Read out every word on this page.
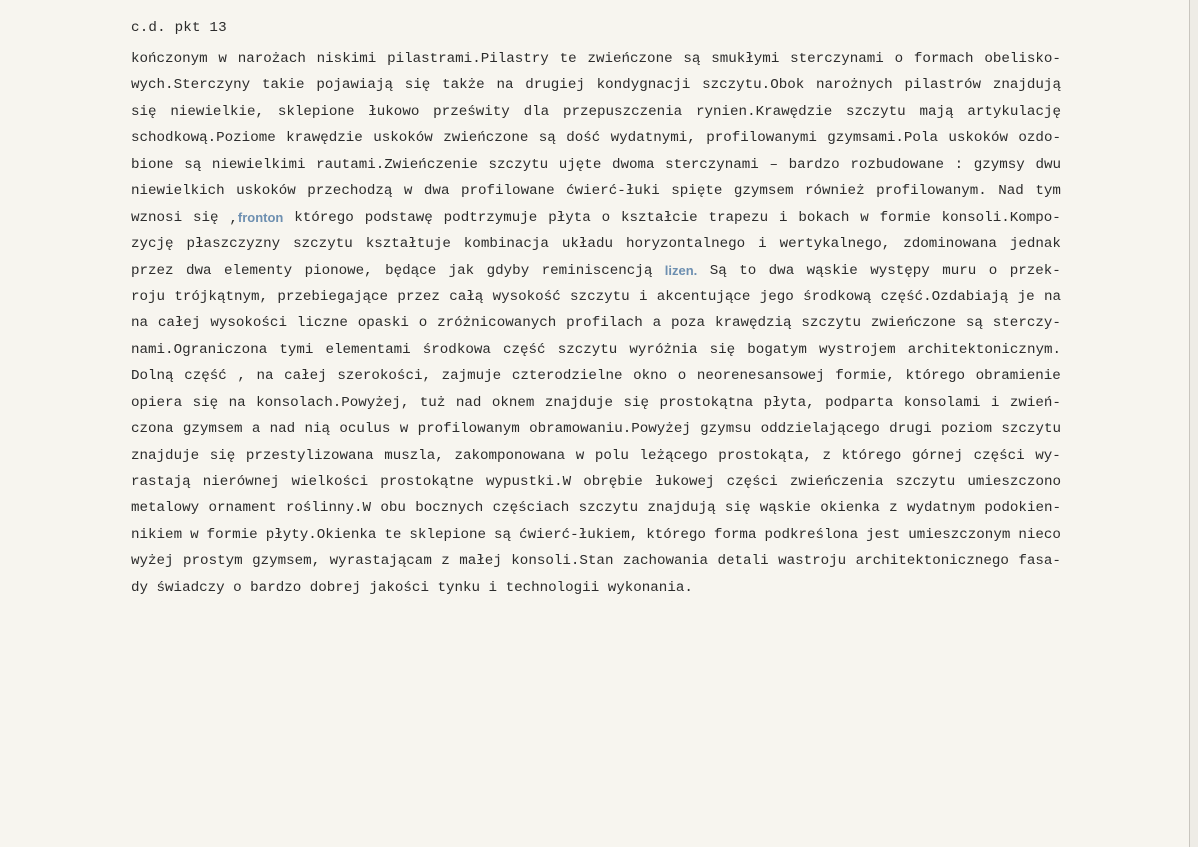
c.d. pkt 13
kończonym w narożach niskimi pilastrami.Pilastry te zwieńczone są smukłymi sterczynami o formach obelisko-
wych.Sterczyny takie pojawiają się także na drugiej kondygnacji szczytu.Obok narożnych pilastrów znajdują
się niewielkie, sklepione łukowo prześwity dla przepuszczenia rynien.Krawędzie szczytu mają artykulację
schodkową.Poziome krawędzie uskoków zwieńczone są dość wydatnymi, profilowanymi gzymsami.Pola uskoków ozdo-
bione są niewielkimi rautami.Zwieńczenie szczytu ujęte dwoma sterczynami – bardzo rozbudowane : gzymsy dwu
niewielkich uskoków przechodzą w dwa profilowane ćwierć-łuki spięte gzymsem również profilowanym. Nad tym
wznosi się ,fronton którego podstawę podtrzymuje płyta o kształcie trapezu i bokach w formie konsoli.Kompo-
zycję płaszczyzny szczytu kształtuje kombinacja układu horyzontalnego i wertykalnego, zdominowana jednak
przez dwa elementy pionowe, będące jak gdyby reminiscencją lizen. Są to dwa wąskie występy muru o przek-
roju trójkątnym, przebiegające przez całą wysokość szczytu i akcentujące jego środkową część.Ozdabiają je na
na całej wysokości liczne opaski o zróżnicowanych profilach a poza krawędzią szczytu zwieńczone są sterczy-
nami.Ograniczona tymi elementami środkowa część szczytu wyróżnia się bogatym wystrojem architektonicznym.
Dolną część , na całej szerokości, zajmuje czterodzielne okno o neorenesansowej formie, którego obramienie
opiera się na konsolach.Powyżej, tuż nad oknem znajduje się prostokątna płyta, podparta konsolami i zwień-
czona gzymsem a nad nią oculus w profilowanym obramowaniu.Powyżej gzymsu oddzielającego drugi poziom szczytu
znajduje się przestylizowana muszla, zakomponowana w polu leżącego prostokąta, z którego górnej części wy-
rastają nierównej wielkości prostokątne wypustki.W obrębie łukowej części zwieńczenia szczytu umieszczono
metalowy ornament roślinny.W obu bocznych częściach szczytu znajdują się wąskie okienka z wydatnym podokien-
nikiem w formie płyty.Okienka te sklepione są ćwierć-łukiem, którego forma podkreślona jest umieszczonym nieco
wyżej prostym gzymsem, wyrastającam z małej konsoli.Stan zachowania detali wastroju architektonicznego fasa-
dy świadczy o bardzo dobrej jakości tynku i technologii wykonania.
